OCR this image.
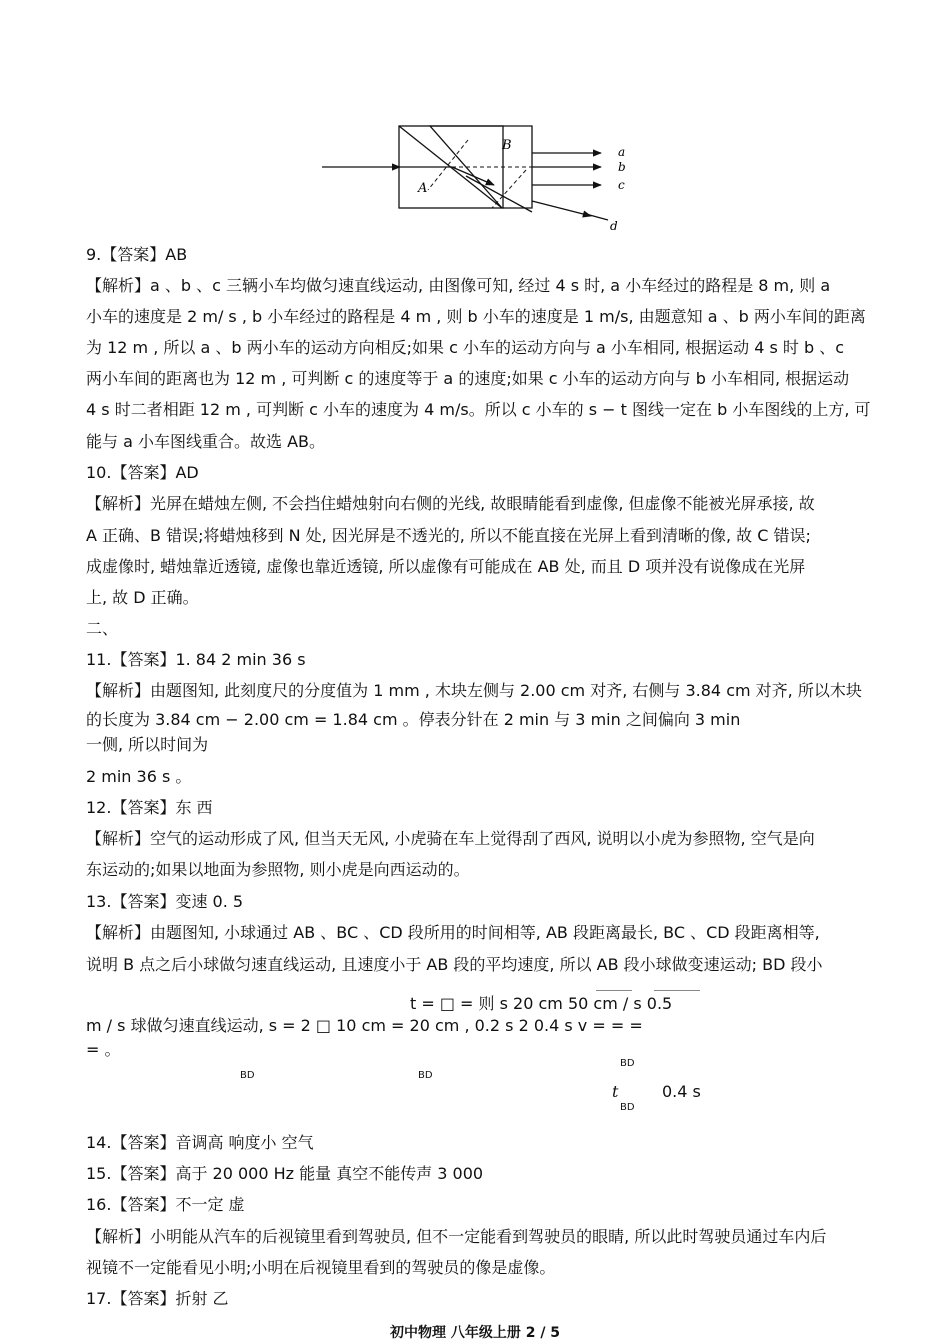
A
B	a
b
c
d
9.【答案】AB
【解析】a 、b 、c 三辆小车均做匀速直线运动, 由图像可知, 经过 4 s 时, a 小车经过的路程是 8 m, 则 a
小车的速度是 2 m/ s , b 小车经过的路程是 4 m , 则 b 小车的速度是 1 m/s, 由题意知 a 、b 两小车间的距离
为 12 m , 所以 a 、b 两小车的运动方向相反;如果 c 小车的运动方向与 a 小车相同, 根据运动 4 s 时 b 、c
两小车间的距离也为 12 m , 可判断 c 的速度等于 a 的速度;如果 c 小车的运动方向与 b 小车相同, 根据运动
4 s 时二者相距 12 m , 可判断 c 小车的速度为 4 m/s。所以 c 小车的 s − t 图线一定在 b 小车图线的上方, 可
能与 a 小车图线重合。故选 AB。
10.【答案】AD
【解析】光屏在蜡烛左侧, 不会挡住蜡烛射向右侧的光线, 故眼睛能看到虚像, 但虚像不能被光屏承接, 故
A 正确、B 错误;将蜡烛移到 N 处, 因光屏是不透光的, 所以不能直接在光屏上看到清晰的像, 故 C 错误;
成虚像时, 蜡烛靠近透镜, 虚像也靠近透镜, 所以虚像有可能成在 AB 处, 而且 D 项并没有说像成在光屏
上, 故 D 正确。
二、
11.【答案】1. 84 2 min 36 s
【解析】由题图知, 此刻度尺的分度值为 1 mm , 木块左侧与 2.00 cm 对齐, 右侧与 3.84 cm 对齐, 所以木块
的长度为 3.84 cm − 2.00 cm = 1.84 cm 。停表分针在 2 min 与 3 min 之间偏向 3 min
一侧, 所以时间为
2 min 36 s 。
12.【答案】东 西
【解析】空气的运动形成了风, 但当天无风, 小虎骑在车上觉得刮了西风, 说明以小虎为参照物, 空气是向
东运动的;如果以地面为参照物, 则小虎是向西运动的。
13.【答案】变速 0. 5
【解析】由题图知, 小球通过 AB 、BC 、CD 段所用的时间相等, AB 段距离最长, BC 、CD 段距离相等,
说明 B 点之后小球做匀速直线运动, 且速度小于 AB 段的平均速度, 所以 AB 段小球做变速运动; BD 段小
t = □ = 则 s 20 cm 50 cm / s 0.5
m / s 球做匀速直线运动, s = 2 □ 10 cm = 20 cm , 0.2 s 2 0.4 s v = = =
= 。
BD
BD	BD
t	0.4 s
BD
14.【答案】音调高 响度小 空气
15.【答案】高于 20 000 Hz 能量 真空不能传声 3 000
16.【答案】不一定 虚
【解析】小明能从汽车的后视镜里看到驾驶员, 但不一定能看到驾驶员的眼睛, 所以此时驾驶员通过车内后
视镜不一定能看见小明;小明在后视镜里看到的驾驶员的像是虚像。
17.【答案】折射 乙
初中物理 八年级上册 2 / 5
